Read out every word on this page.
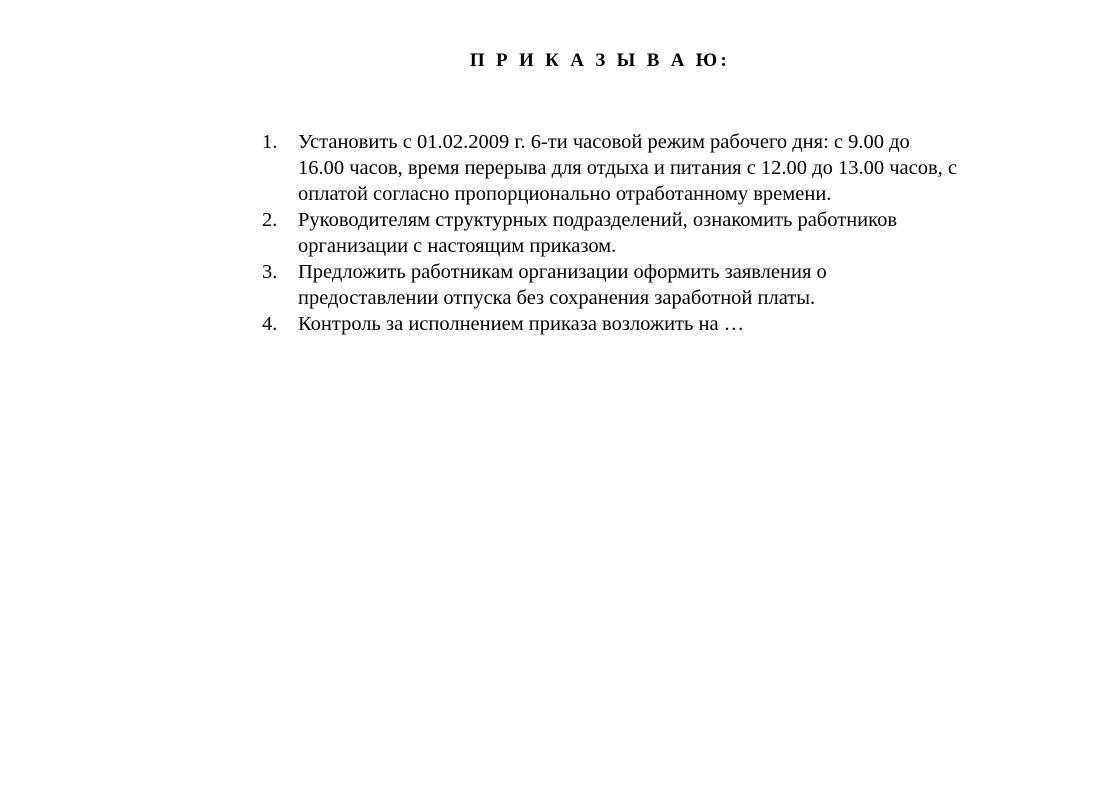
П Р И К А З Ы В А Ю:
1.	Установить с 01.02.2009 г. 6-ти часовой режим рабочего дня: с 9.00 до
16.00 часов, время перерыва для отдыха и питания с 12.00 до 13.00 часов, с
оплатой согласно пропорционально отработанному времени.
2.	Руководителям структурных подразделений, ознакомить работников
организации с настоящим приказом.
3.	Предложить работникам организации оформить заявления о
предоставлении отпуска без сохранения заработной платы.
4.	Контроль за исполнением приказа возложить на …
